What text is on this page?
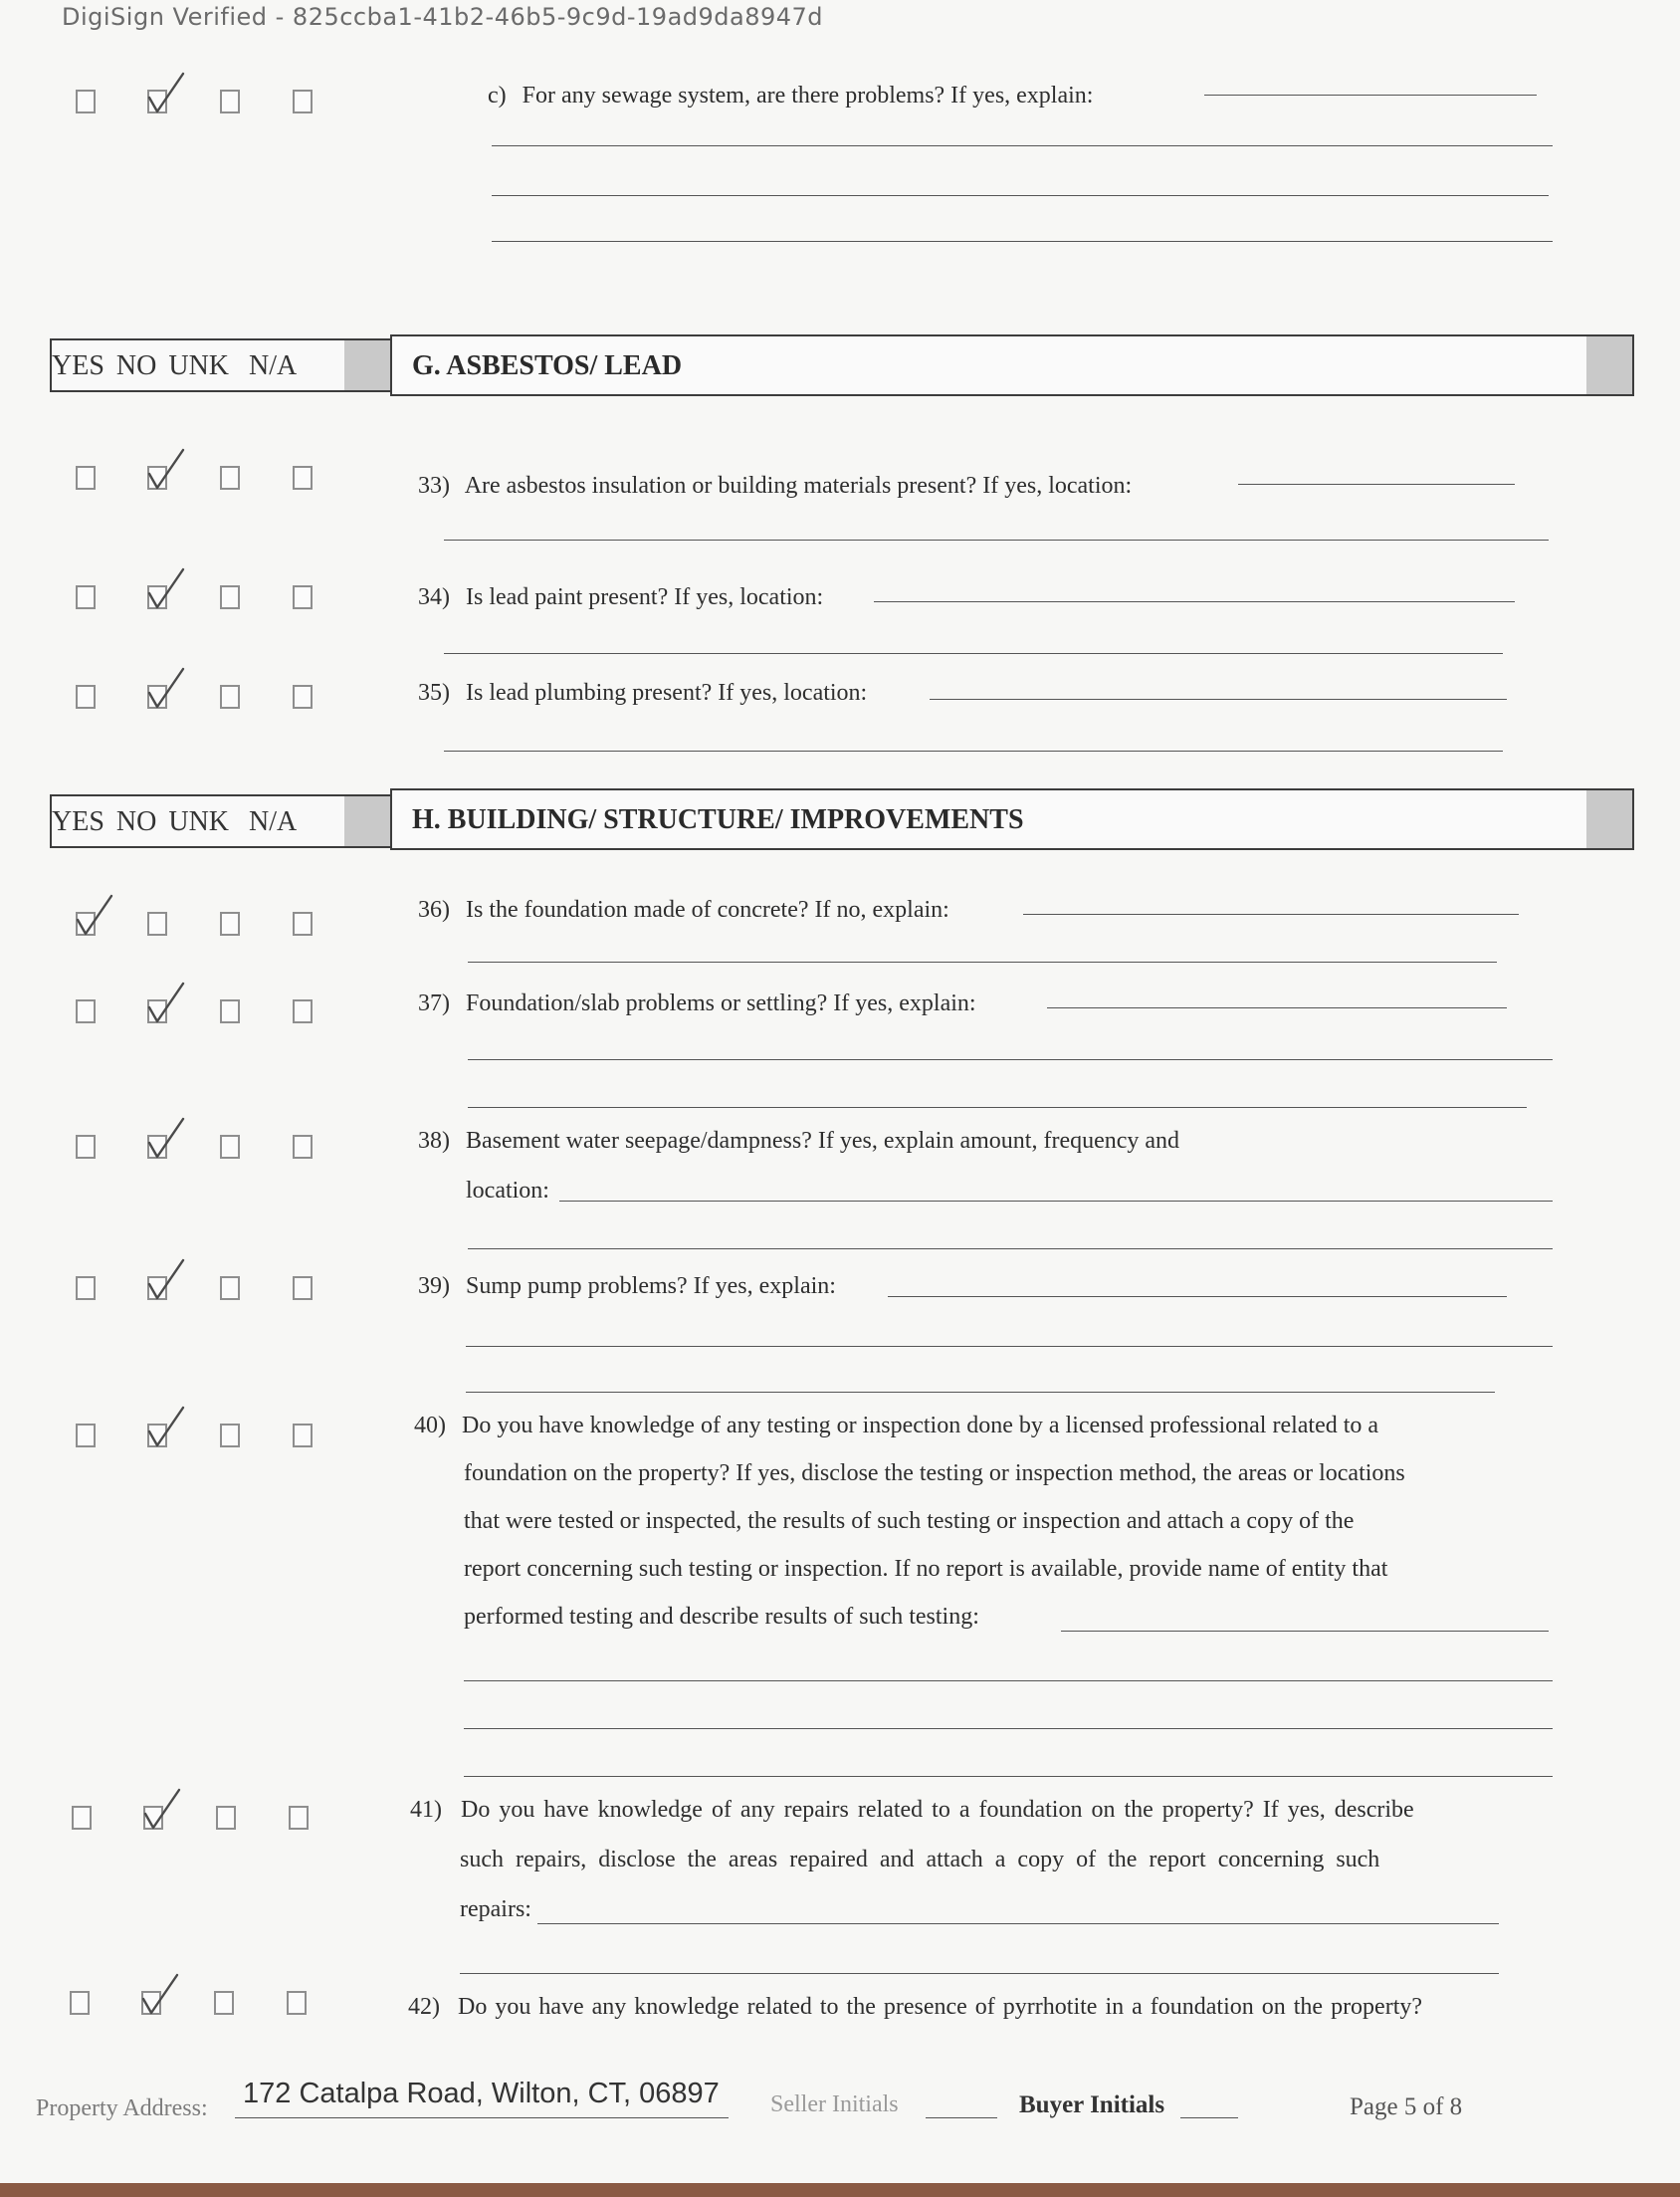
DigiSign Verified - 825ccba1-41b2-46b5-9c9d-19ad9da8947d
c) For any sewage system, are there problems? If yes, explain:
YES NO UNK N/A	G. ASBESTOS/ LEAD
33) Are asbestos insulation or building materials present? If yes, location:
34) Is lead paint present? If yes, location:
35) Is lead plumbing present? If yes, location:
YES NO UNK N/A	H. BUILDING/ STRUCTURE/ IMPROVEMENTS
36) Is the foundation made of concrete? If no, explain:
37) Foundation/slab problems or settling? If yes, explain:
38) Basement water seepage/dampness? If yes, explain amount, frequency and
location:
39) Sump pump problems? If yes, explain:
40) Do you have knowledge of any testing or inspection done by a licensed professional related to a
foundation on the property? If yes, disclose the testing or inspection method, the areas or locations
that were tested or inspected, the results of such testing or inspection and attach a copy of the
report concerning such testing or inspection. If no report is available, provide name of entity that
performed testing and describe results of such testing:
41) Do you have knowledge of any repairs related to a foundation on the property? If yes, describe
such repairs, disclose the areas repaired and attach a copy of the report concerning such
repairs:
42) Do you have any knowledge related to the presence of pyrrhotite in a foundation on the property?
Property Address: 172 Catalpa Road, Wilton, CT, 06897 Seller Initials	Buyer Initials	Page 5 of 8
